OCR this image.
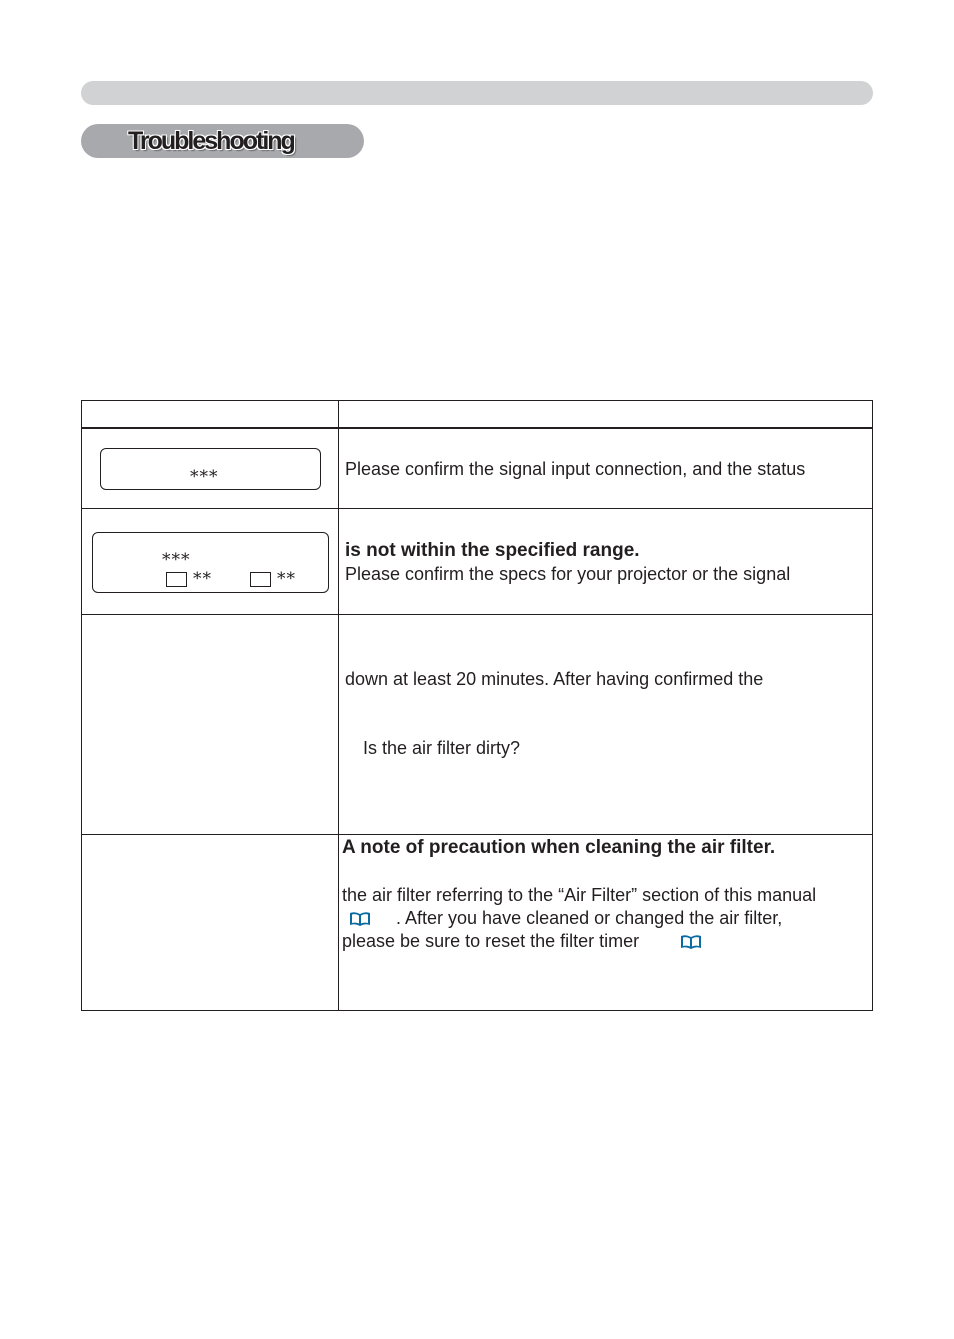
Troubleshooting
***	Please confirm the signal input connection, and the status
***
**	**
is not within the specified range.
Please confirm the specs for your projector or the signal
down at least 20 minutes. After having confirmed the
Is the air filter dirty?
A note of precaution when cleaning the air filter.
the air filter referring to the “Air Filter” section of this manual
. After you have cleaned or changed the air filter,
please be sure to reset the filter timer
